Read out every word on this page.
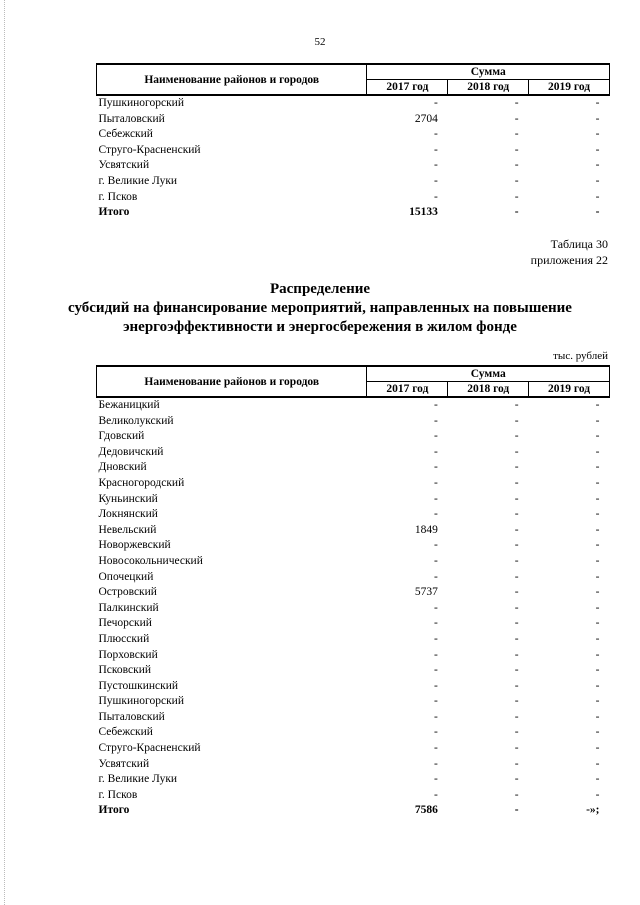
52
Наименование районов и городов	Сумма		
	2017 год	2018 год	2019 год
Пушкиногорский	-	-	-
Пыталовский	2704	-	-
Себежский	-	-	-
Струго-Красненский	-	-	-
Усвятский	-	-	-
г. Великие Луки	-	-	-
г. Псков	-	-	-
Итого	15133	-	-
Таблица 30
приложения 22
Распределение
субсидий на финансирование мероприятий, направленных на повышение
энергоэффективности и энергосбережения в жилом фонде
тыс. рублей
Наименование районов и городов	Сумма		
	2017 год	2018 год	2019 год
Бежаницкий	-	-	-
Великолукский	-	-	-
Гдовский	-	-	-
Дедовичский	-	-	-
Дновский	-	-	-
Красногородский	-	-	-
Куньинский	-	-	-
Локнянский	-	-	-
Невельский	1849	-	-
Новоржевский	-	-	-
Новосокольнический	-	-	-
Опочецкий	-	-	-
Островский	5737	-	-
Палкинский	-	-	-
Печорский	-	-	-
Плюсский	-	-	-
Порховский	-	-	-
Псковский	-	-	-
Пустошкинский	-	-	-
Пушкиногорский	-	-	-
Пыталовский	-	-	-
Себежский	-	-	-
Струго-Красненский	-	-	-
Усвятский	-	-	-
г. Великие Луки	-	-	-
г. Псков	-	-	-
Итого	7586	-	-»;
